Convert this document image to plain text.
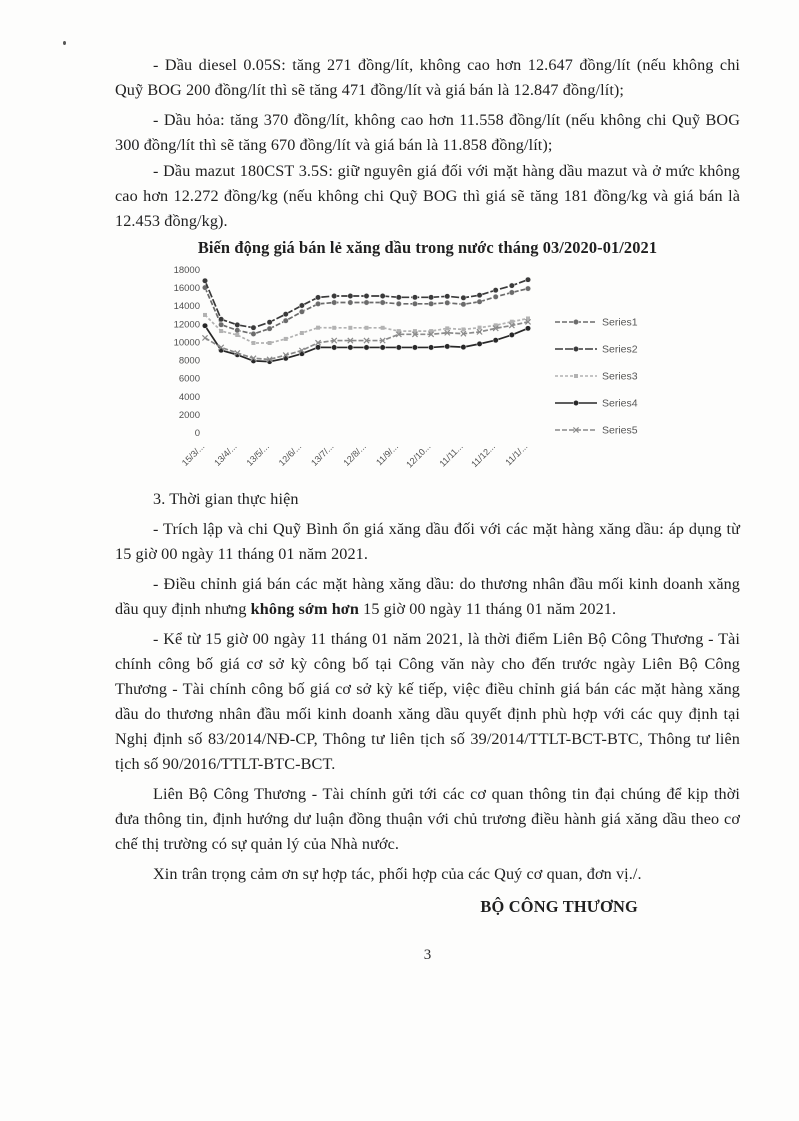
- Dầu diesel 0.05S: tăng 271 đồng/lít, không cao hơn 12.647 đồng/lít (nếu không chi Quỹ BOG 200 đồng/lít thì sẽ tăng 471 đồng/lít và giá bán là 12.847 đồng/lít);

- Dầu hỏa: tăng 370 đồng/lít, không cao hơn 11.558 đồng/lít (nếu không chi Quỹ BOG 300 đồng/lít thì sẽ tăng 670 đồng/lít và giá bán là 11.858 đồng/lít);

- Dầu mazut 180CST 3.5S: giữ nguyên giá đối với mặt hàng dầu mazut và ở mức không cao hơn 12.272 đồng/kg (nếu không chi Quỹ BOG thì giá sẽ tăng 181 đồng/kg và giá bán là 12.453 đồng/kg).

Biến động giá bán lẻ xăng dầu trong nước tháng 03/2020-01/2021
18000
16000
14000
12000
10000
8000
6000
4000
2000
0
15/3/... 13/4/... 13/5/... 12/6/... 13/7/... 12/8/... 11/9/... 12/10... 11/11... 11/12... 11/1/...
Series1
Series2
Series3
Series4
Series5

3. Thời gian thực hiện

- Trích lập và chi Quỹ Bình ổn giá xăng dầu đối với các mặt hàng xăng dầu: áp dụng từ 15 giờ 00 ngày 11 tháng 01 năm 2021.

- Điều chỉnh giá bán các mặt hàng xăng dầu: do thương nhân đầu mối kinh doanh xăng dầu quy định nhưng không sớm hơn 15 giờ 00 ngày 11 tháng 01 năm 2021.

- Kể từ 15 giờ 00 ngày 11 tháng 01 năm 2021, là thời điểm Liên Bộ Công Thương - Tài chính công bố giá cơ sở kỳ công bố tại Công văn này cho đến trước ngày Liên Bộ Công Thương - Tài chính công bố giá cơ sở kỳ kế tiếp, việc điều chỉnh giá bán các mặt hàng xăng dầu do thương nhân đầu mối kinh doanh xăng dầu quyết định phù hợp với các quy định tại Nghị định số 83/2014/NĐ-CP, Thông tư liên tịch số 39/2014/TTLT-BCT-BTC, Thông tư liên tịch số 90/2016/TTLT-BTC-BCT.

Liên Bộ Công Thương - Tài chính gửi tới các cơ quan thông tin đại chúng để kịp thời đưa thông tin, định hướng dư luận đồng thuận với chủ trương điều hành giá xăng dầu theo cơ chế thị trường có sự quản lý của Nhà nước.

Xin trân trọng cảm ơn sự hợp tác, phối hợp của các Quý cơ quan, đơn vị./.

BỘ CÔNG THƯƠNG
3
